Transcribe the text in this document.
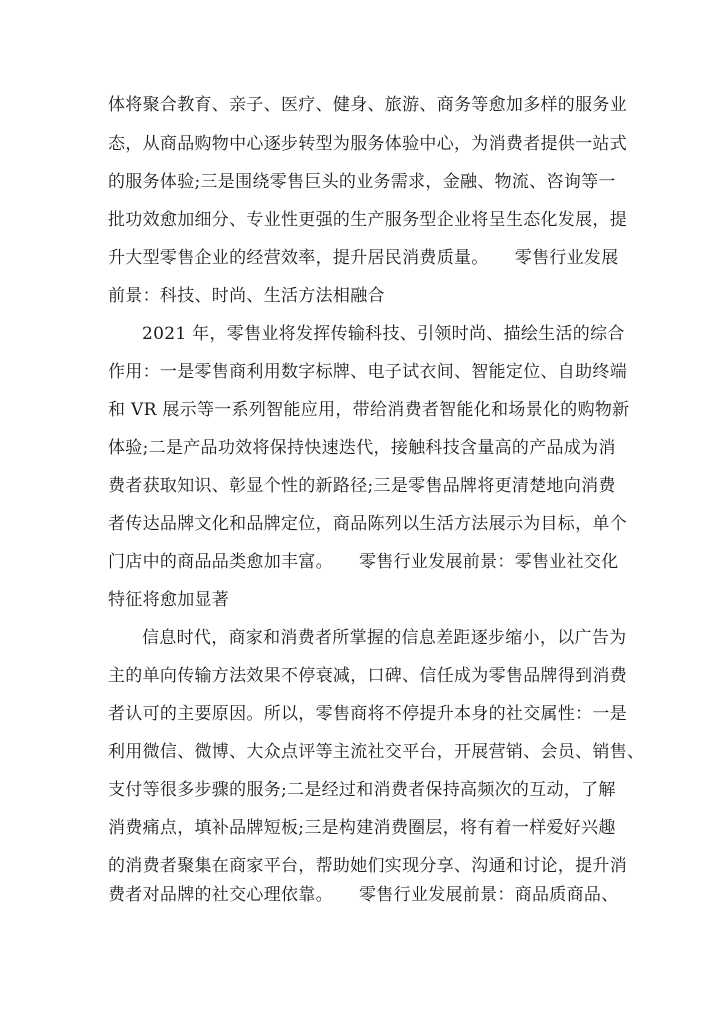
体将聚合教育、亲子、医疗、健身、旅游、商务等愈加多样的服务业
态，从商品购物中心逐步转型为服务体验中心，为消费者提供一站式
的服务体验;三是围绕零售巨头的业务需求，金融、物流、咨询等一
批功效愈加细分、专业性更强的生产服务型企业将呈生态化发展，提
升大型零售企业的经营效率，提升居民消费质量。　　零售行业发展
前景：科技、时尚、生活方法相融合
2021 年，零售业将发挥传输科技、引领时尚、描绘生活的综合
作用：一是零售商利用数字标牌、电子试衣间、智能定位、自助终端
和 VR 展示等一系列智能应用，带给消费者智能化和场景化的购物新
体验;二是产品功效将保持快速迭代，接触科技含量高的产品成为消
费者获取知识、彰显个性的新路径;三是零售品牌将更清楚地向消费
者传达品牌文化和品牌定位，商品陈列以生活方法展示为目标，单个
门店中的商品品类愈加丰富。　　零售行业发展前景：零售业社交化
特征将愈加显著
信息时代，商家和消费者所掌握的信息差距逐步缩小，以广告为
主的单向传输方法效果不停衰减，口碑、信任成为零售品牌得到消费
者认可的主要原因。所以，零售商将不停提升本身的社交属性：一是
利用微信、微博、大众点评等主流社交平台，开展营销、会员、销售、
支付等很多步骤的服务;二是经过和消费者保持高频次的互动，了解
消费痛点，填补品牌短板;三是构建消费圈层，将有着一样爱好兴趣
的消费者聚集在商家平台，帮助她们实现分享、沟通和讨论，提升消
费者对品牌的社交心理依靠。　　零售行业发展前景：商品质商品、
